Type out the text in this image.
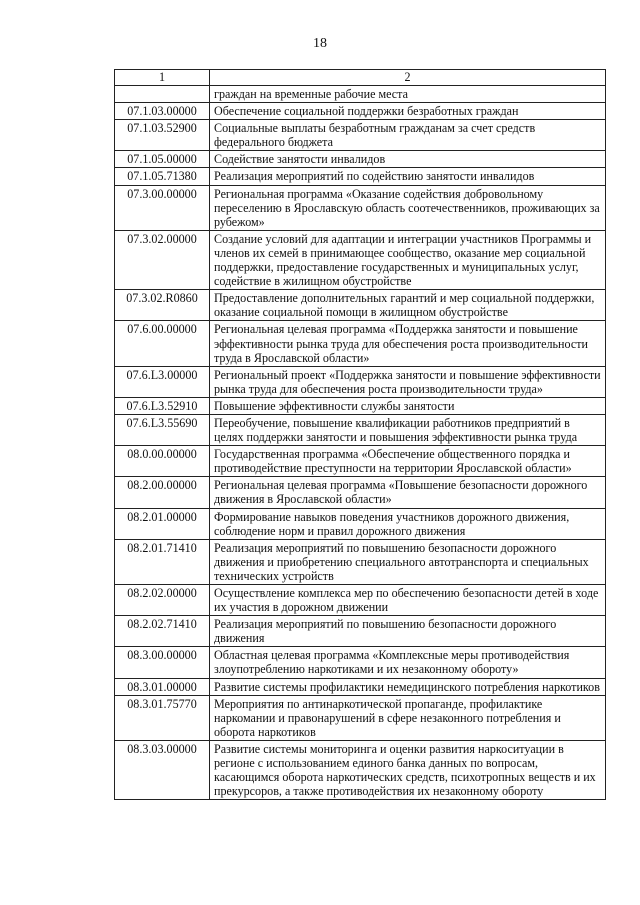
18
1	2
	граждан на временные рабочие места
07.1.03.00000	Обеспечение социальной поддержки безработных граждан
07.1.03.52900	Социальные выплаты безработным гражданам за счет средств федерального бюджета
07.1.05.00000	Содействие занятости инвалидов
07.1.05.71380	Реализация мероприятий по содействию занятости инвалидов
07.3.00.00000	Региональная программа «Оказание содействия добровольному переселению в Ярославскую область соотечественников, проживающих за рубежом»
07.3.02.00000	Создание условий для адаптации и интеграции участников Программы и членов их семей в принимающее сообщество, оказание мер социальной поддержки, предоставление государственных и муниципальных услуг, содействие в жилищном обустройстве
07.3.02.R0860	Предоставление дополнительных гарантий и мер социальной поддержки, оказание социальной помощи в жилищном обустройстве
07.6.00.00000	Региональная целевая программа «Поддержка занятости и повышение эффективности рынка труда для обеспечения роста производительности труда в Ярославской области»
07.6.L3.00000	Региональный проект «Поддержка занятости и повышение эффективности рынка труда для обеспечения роста производительности труда»
07.6.L3.52910	Повышение эффективности службы занятости
07.6.L3.55690	Переобучение, повышение квалификации работников предприятий в целях поддержки занятости и повышения эффективности рынка труда
08.0.00.00000	Государственная программа «Обеспечение общественного порядка и противодействие преступности на территории Ярославской области»
08.2.00.00000	Региональная целевая программа «Повышение безопасности дорожного движения в Ярославской области»
08.2.01.00000	Формирование навыков поведения участников дорожного движения, соблюдение норм и правил дорожного движения
08.2.01.71410	Реализация мероприятий по повышению безопасности дорожного движения и приобретению специального автотранспорта и специальных технических устройств
08.2.02.00000	Осуществление комплекса мер по обеспечению безопасности детей в ходе их участия в дорожном движении
08.2.02.71410	Реализация мероприятий по повышению безопасности дорожного движения
08.3.00.00000	Областная целевая программа «Комплексные меры противодействия злоупотреблению наркотиками и их незаконному обороту»
08.3.01.00000	Развитие системы профилактики немедицинского потребления наркотиков
08.3.01.75770	Мероприятия по антинаркотической пропаганде, профилактике наркомании и правонарушений в сфере незаконного потребления и оборота наркотиков
08.3.03.00000	Развитие системы мониторинга и оценки развития наркоситуации в регионе с использованием единого банка данных по вопросам, касающимся оборота наркотических средств, психотропных веществ и их прекурсоров, а также противодействия их незаконному обороту
